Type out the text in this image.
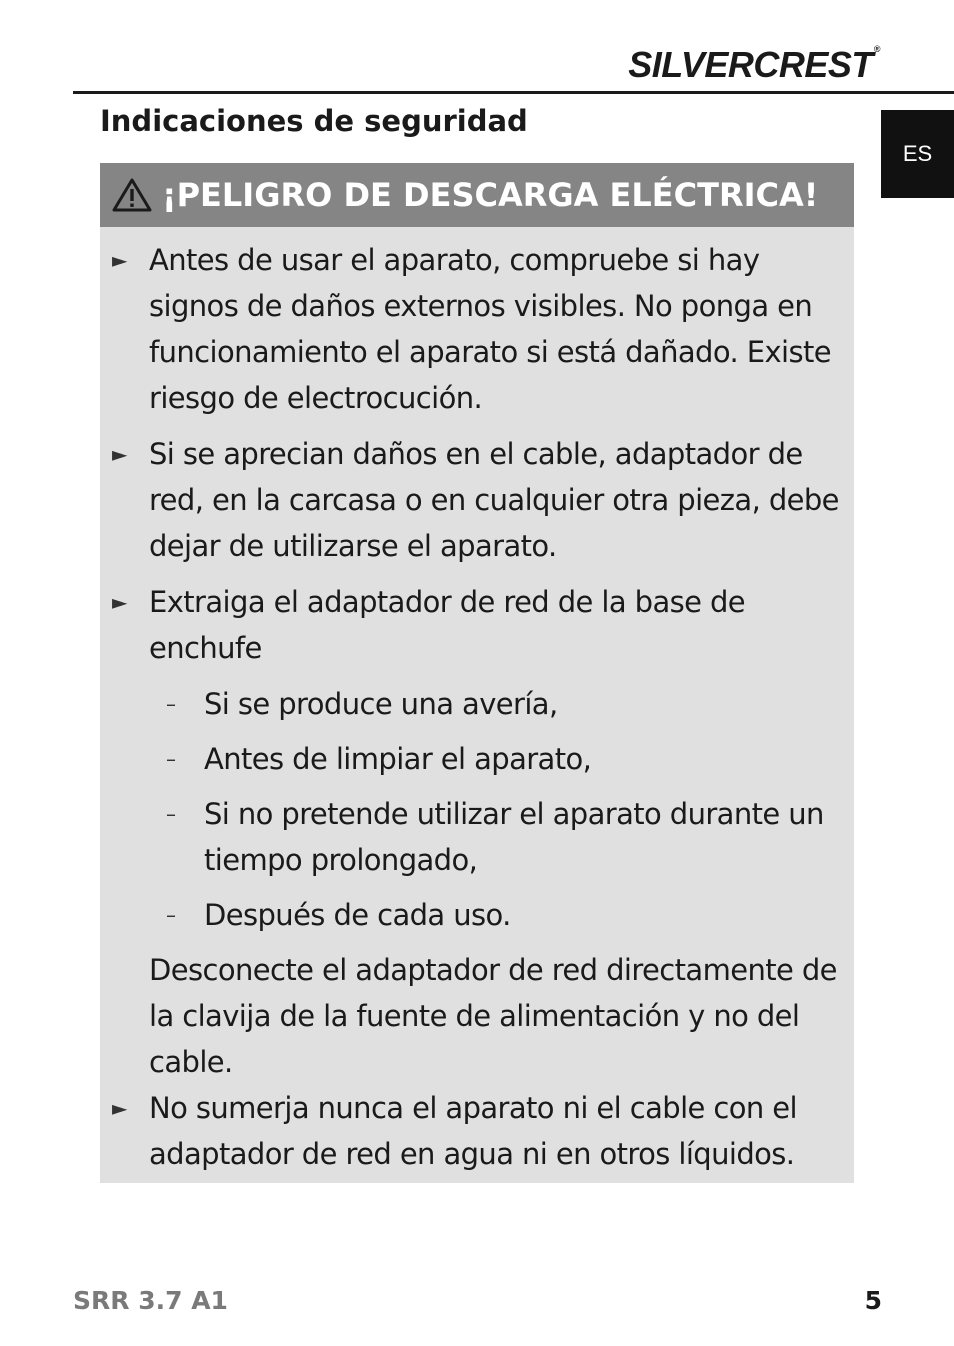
SILVERCREST®
ES
Indicaciones de seguridad
¡PELIGRO DE DESCARGA ELÉCTRICA!
► Antes de usar el aparato, compruebe si hay signos de daños externos visibles. No ponga en funcionamiento el aparato si está dañado. Existe riesgo de electrocución.
► Si se aprecian daños en el cable, adaptador de red, en la carcasa o en cualquier otra pieza, debe dejar de utilizarse el aparato.
► Extraiga el adaptador de red de la base de enchufe
– Si se produce una avería,
– Antes de limpiar el aparato,
– Si no pretende utilizar el aparato durante un tiempo prolongado,
– Después de cada uso.

Desconecte el adaptador de red directamente de la clavija de la fuente de alimentación y no del cable.

► No sumerja nunca el aparato ni el cable con el adaptador de red en agua ni en otros líquidos.
SRR 3.7 A1	5
